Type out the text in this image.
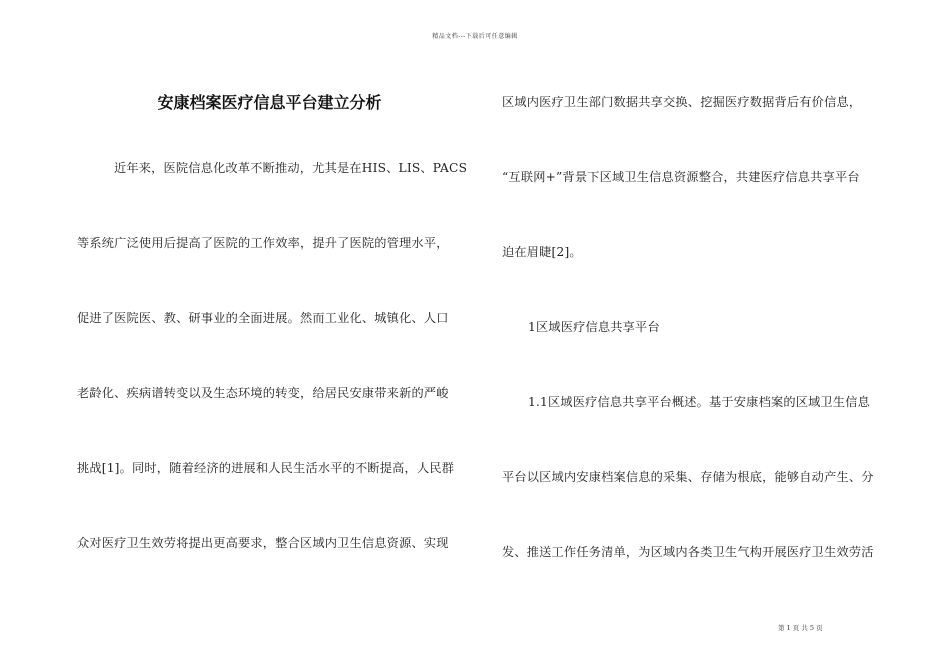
精品文档---下载后可任意编辑
安康档案医疗信息平台建立分析
近年来，医院信息化改革不断推动，尤其是在HIS、LIS、PACS
等系统广泛使用后提高了医院的工作效率，提升了医院的管理水平，
促进了医院医、教、研事业的全面进展。然而工业化、城镇化、人口
老龄化、疾病谱转变以及生态环境的转变，给居民安康带来新的严峻
挑战[1]。同时，随着经济的进展和人民生活水平的不断提高，人民群
众对医疗卫生效劳将提出更高要求，整合区域内卫生信息资源、实现
区域内医疗卫生部门数据共享交换、挖掘医疗数据背后有价信息，
“互联网+”背景下区域卫生信息资源整合，共建医疗信息共享平台
迫在眉睫[2]。
1区域医疗信息共享平台
1.1区域医疗信息共享平台概述。基于安康档案的区域卫生信息
平台以区域内安康档案信息的采集、存储为根底，能够自动产生、分
发、推送工作任务清单，为区域内各类卫生气构开展医疗卫生效劳活
第 1 页 共 5 页
